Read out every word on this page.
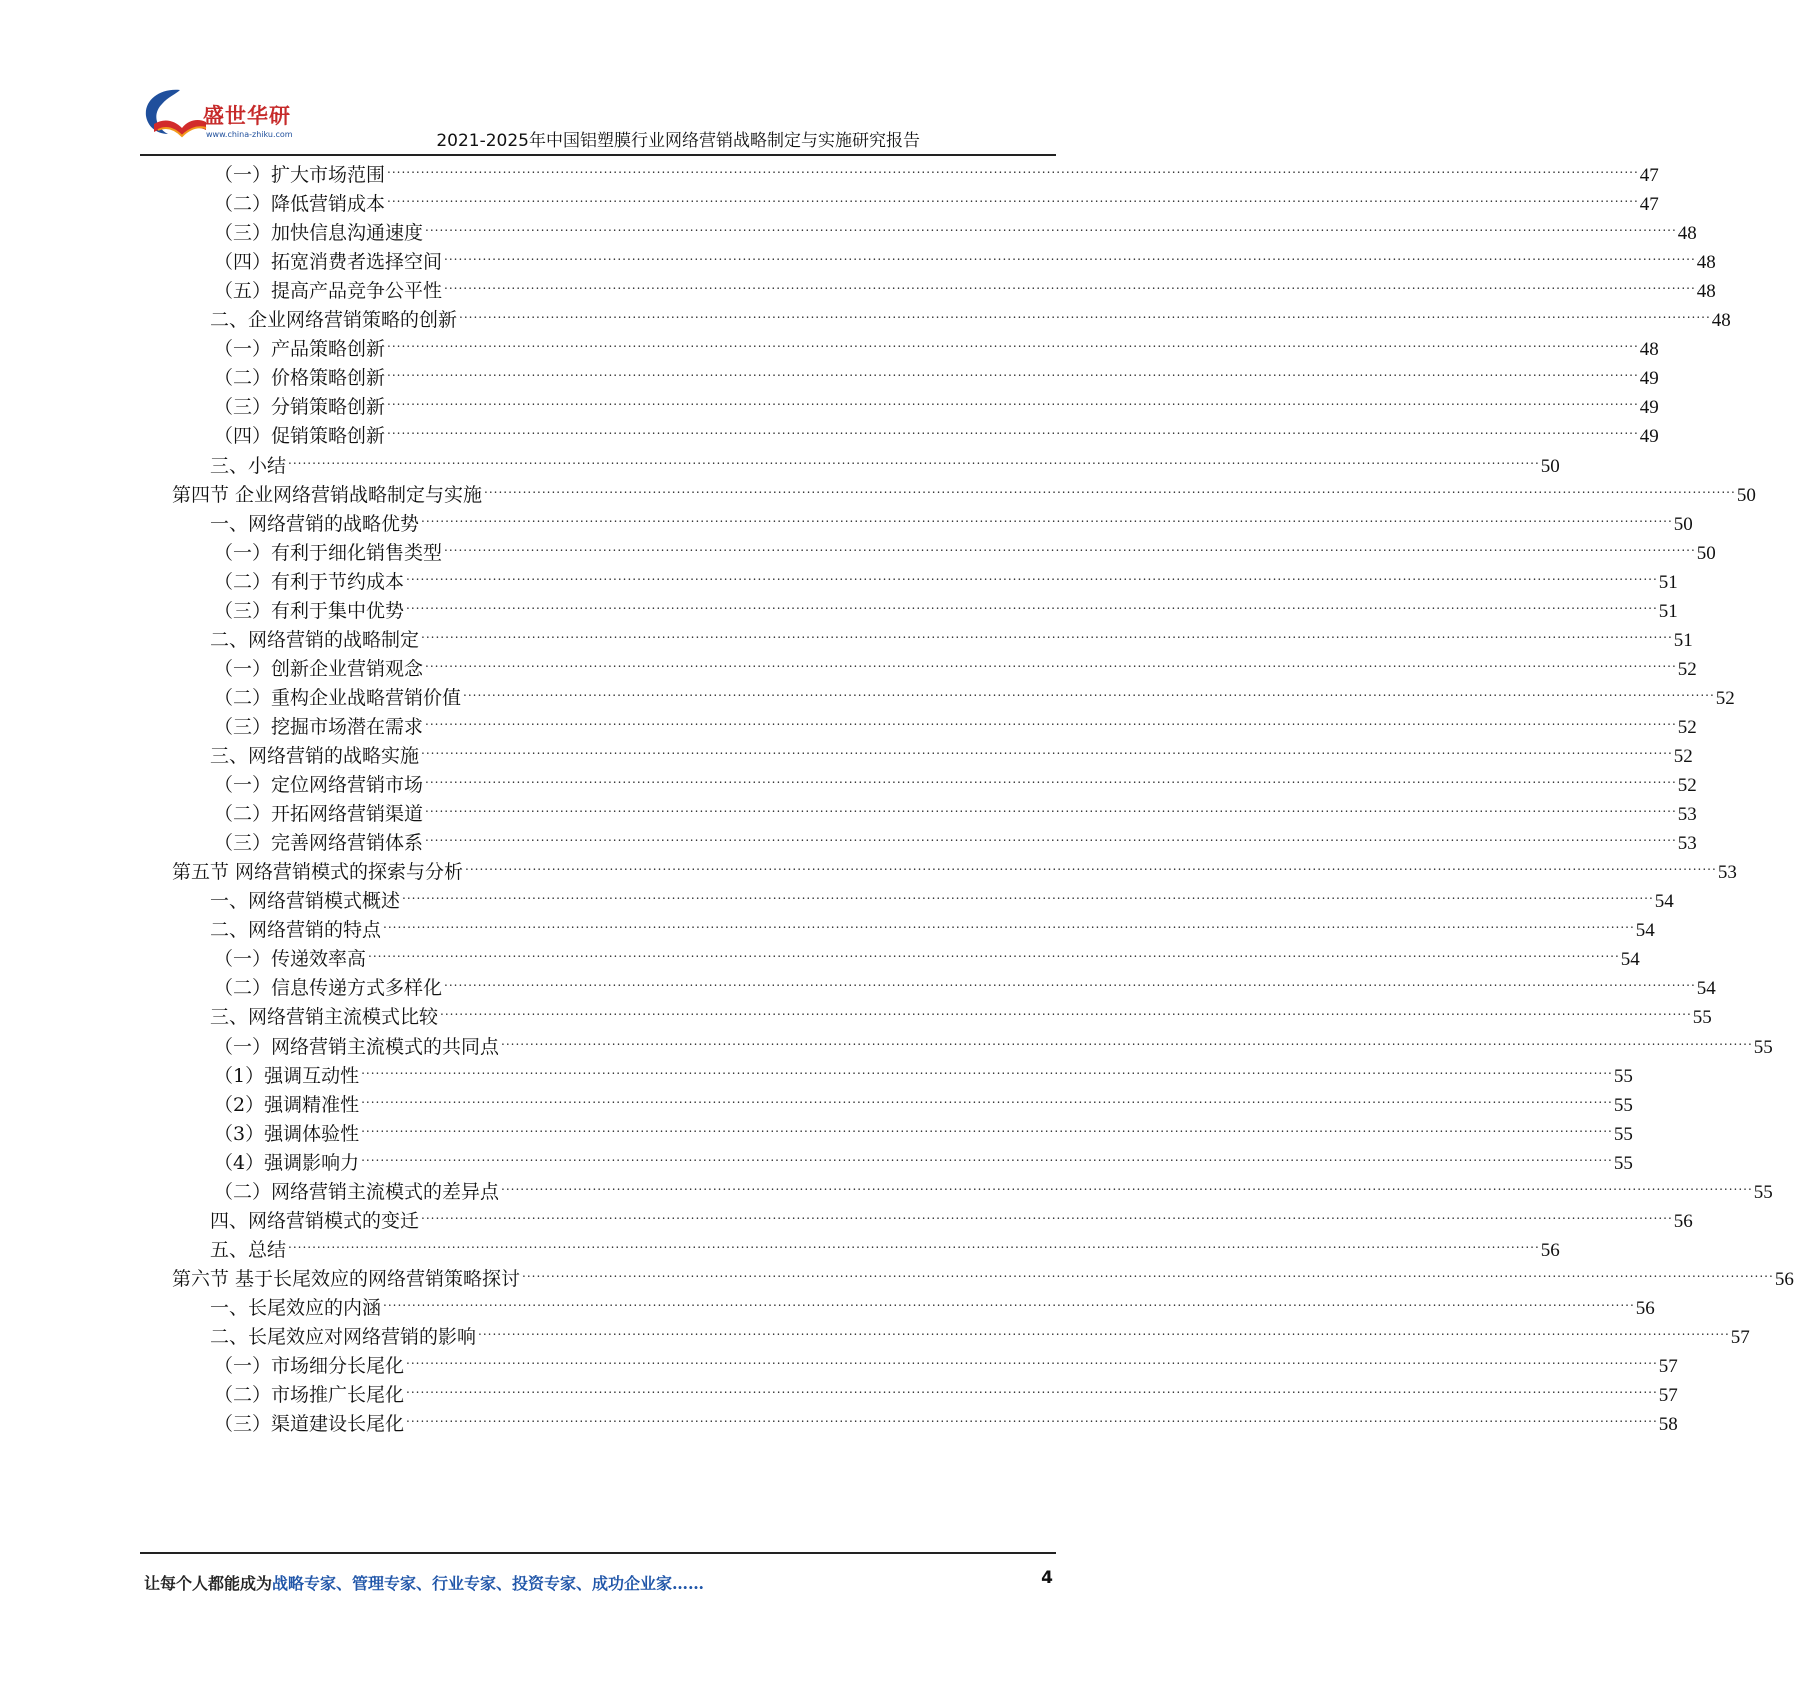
盛世华研
www.china-zhiku.com	2021-2025年中国铝塑膜行业网络营销战略制定与实施研究报告
（一）扩大市场范围 .................................................................................................................................................................................................................................................................... 47
（二）降低营销成本 .................................................................................................................................................................................................................................................................... 47
（三）加快信息沟通速度 .................................................................................................................................................................................................................................................................... 48
（四）拓宽消费者选择空间 .................................................................................................................................................................................................................................................................... 48
（五）提高产品竞争公平性 .................................................................................................................................................................................................................................................................... 48
二、企业网络营销策略的创新 .................................................................................................................................................................................................................................................................... 48
（一）产品策略创新 .................................................................................................................................................................................................................................................................... 48
（二）价格策略创新 .................................................................................................................................................................................................................................................................... 49
（三）分销策略创新 .................................................................................................................................................................................................................................................................... 49
（四）促销策略创新 .................................................................................................................................................................................................................................................................... 49
三、小结 .................................................................................................................................................................................................................................................................... 50
第四节 企业网络营销战略制定与实施 .................................................................................................................................................................................................................................................................... 50
一、网络营销的战略优势 .................................................................................................................................................................................................................................................................... 50
（一）有利于细化销售类型 .................................................................................................................................................................................................................................................................... 50
（二）有利于节约成本 .................................................................................................................................................................................................................................................................... 51
（三）有利于集中优势 .................................................................................................................................................................................................................................................................... 51
二、网络营销的战略制定 .................................................................................................................................................................................................................................................................... 51
（一）创新企业营销观念 .................................................................................................................................................................................................................................................................... 52
（二）重构企业战略营销价值 .................................................................................................................................................................................................................................................................... 52
（三）挖掘市场潜在需求 .................................................................................................................................................................................................................................................................... 52
三、网络营销的战略实施 .................................................................................................................................................................................................................................................................... 52
（一）定位网络营销市场 .................................................................................................................................................................................................................................................................... 52
（二）开拓网络营销渠道 .................................................................................................................................................................................................................................................................... 53
（三）完善网络营销体系 .................................................................................................................................................................................................................................................................... 53
第五节 网络营销模式的探索与分析 .................................................................................................................................................................................................................................................................... 53
一、网络营销模式概述 .................................................................................................................................................................................................................................................................... 54
二、网络营销的特点 .................................................................................................................................................................................................................................................................... 54
（一）传递效率高 .................................................................................................................................................................................................................................................................... 54
（二）信息传递方式多样化 .................................................................................................................................................................................................................................................................... 54
三、网络营销主流模式比较 .................................................................................................................................................................................................................................................................... 55
（一）网络营销主流模式的共同点 .................................................................................................................................................................................................................................................................... 55
（1）强调互动性 .................................................................................................................................................................................................................................................................... 55
（2）强调精准性 .................................................................................................................................................................................................................................................................... 55
（3）强调体验性 .................................................................................................................................................................................................................................................................... 55
（4）强调影响力 .................................................................................................................................................................................................................................................................... 55
（二）网络营销主流模式的差异点 .................................................................................................................................................................................................................................................................... 55
四、网络营销模式的变迁 .................................................................................................................................................................................................................................................................... 56
五、总结 .................................................................................................................................................................................................................................................................... 56
第六节 基于长尾效应的网络营销策略探讨 .................................................................................................................................................................................................................................................................... 56
一、长尾效应的内涵 .................................................................................................................................................................................................................................................................... 56
二、长尾效应对网络营销的影响 .................................................................................................................................................................................................................................................................... 57
（一）市场细分长尾化 .................................................................................................................................................................................................................................................................... 57
（二）市场推广长尾化 .................................................................................................................................................................................................................................................................... 57
（三）渠道建设长尾化 .................................................................................................................................................................................................................................................................... 58
让每个人都能成为战略专家、管理专家、行业专家、投资专家、成功企业家……	4
